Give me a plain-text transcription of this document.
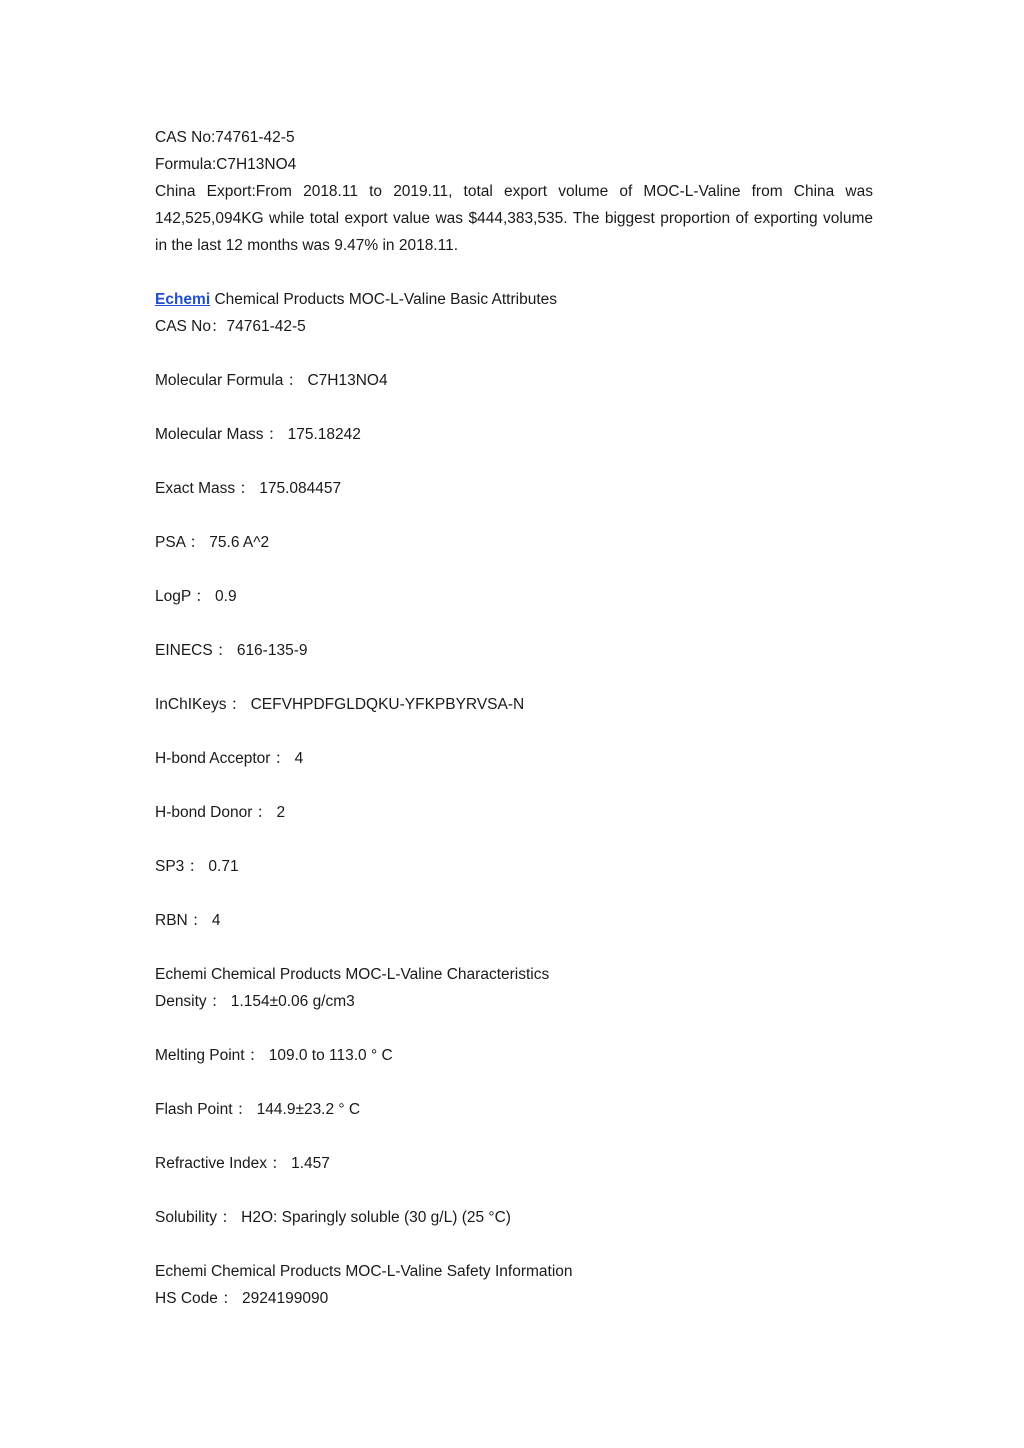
CAS No:74761-42-5
Formula:C7H13NO4
China Export:From 2018.11 to 2019.11, total export volume of MOC-L-Valine from China was 142,525,094KG while total export value was $444,383,535. The biggest proportion of exporting volume in the last 12 months was 9.47% in 2018.11.
Echemi Chemical Products MOC-L-Valine Basic Attributes
CAS No：74761-42-5
Molecular Formula ： C7H13NO4
Molecular Mass ： 175.18242
Exact Mass ： 175.084457
PSA ： 75.6 A^2
LogP ： 0.9
EINECS ： 616-135-9
InChIKeys ： CEFVHPDFGLDQKU-YFKPBYRVSA-N
H-bond Acceptor ： 4
H-bond Donor ： 2
SP3 ： 0.71
RBN ： 4
Echemi Chemical Products MOC-L-Valine Characteristics
Density ： 1.154±0.06 g/cm3
Melting Point ： 109.0 to 113.0 ° C
Flash Point ： 144.9±23.2 ° C
Refractive Index ： 1.457
Solubility ： H2O: Sparingly soluble (30 g/L) (25 °C)
Echemi Chemical Products MOC-L-Valine Safety Information
HS Code ： 2924199090
